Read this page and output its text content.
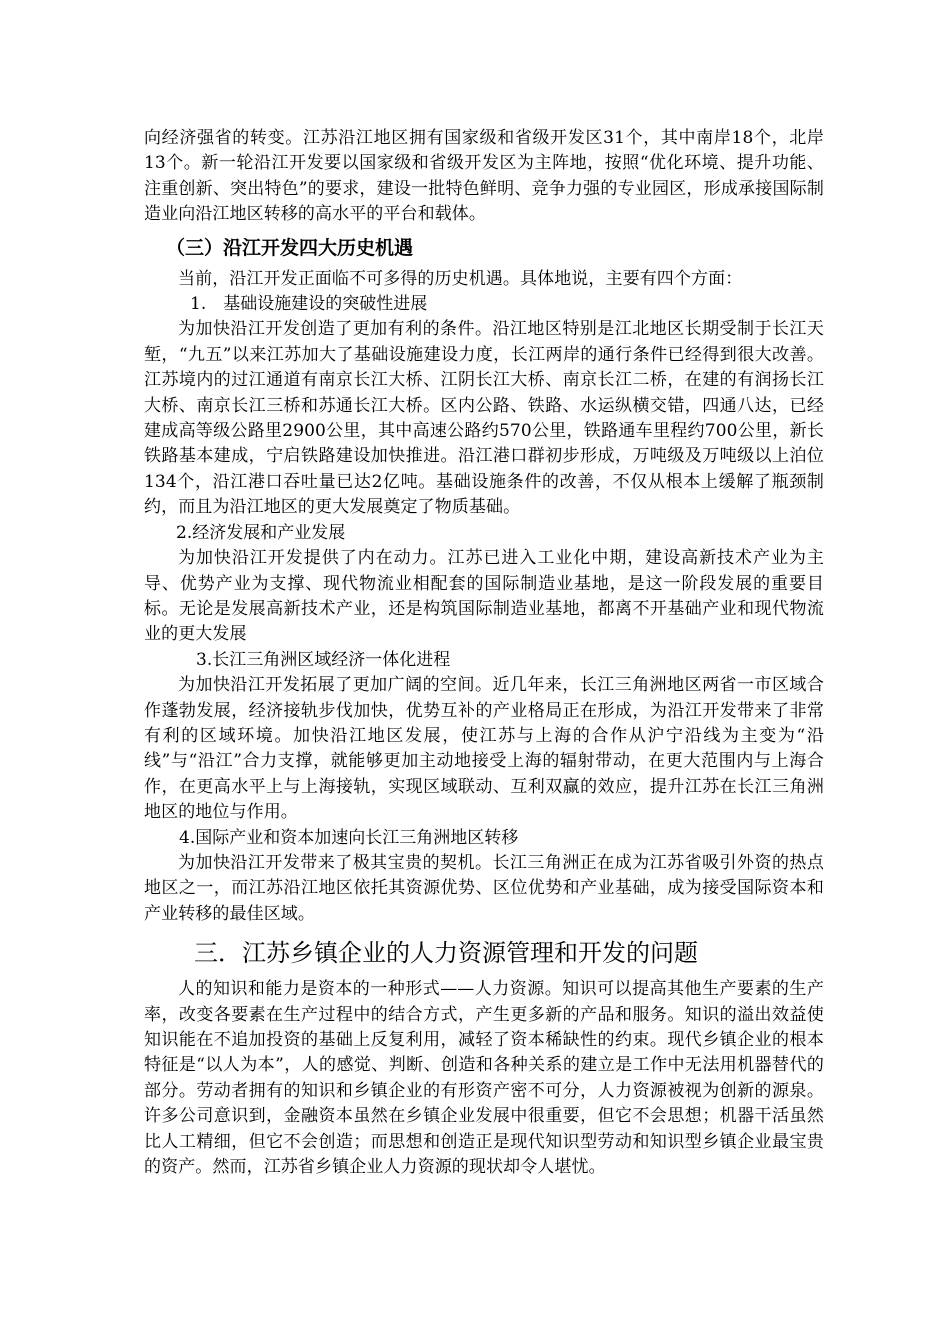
向经济强省的转变。江苏沿江地区拥有国家级和省级开发区31个，其中南岸18个，北岸13个。新一轮沿江开发要以国家级和省级开发区为主阵地，按照“优化环境、提升功能、注重创新、突出特色”的要求，建设一批特色鲜明、竞争力强的专业园区，形成承接国际制造业向沿江地区转移的高水平的平台和载体。

（三）沿江开发四大历史机遇

当前，沿江开发正面临不可多得的历史机遇。具体地说，主要有四个方面：

1.　基础设施建设的突破性进展

为加快沿江开发创造了更加有利的条件。沿江地区特别是江北地区长期受制于长江天堑，“九五”以来江苏加大了基础设施建设力度，长江两岸的通行条件已经得到很大改善。江苏境内的过江通道有南京长江大桥、江阴长江大桥、南京长江二桥，在建的有润扬长江大桥、南京长江三桥和苏通长江大桥。区内公路、铁路、水运纵横交错，四通八达，已经建成高等级公路里2900公里，其中高速公路约570公里，铁路通车里程约700公里，新长铁路基本建成，宁启铁路建设加快推进。沿江港口群初步形成，万吨级及万吨级以上泊位134个，沿江港口吞吐量已达2亿吨。基础设施条件的改善，不仅从根本上缓解了瓶颈制约，而且为沿江地区的更大发展奠定了物质基础。

2.经济发展和产业发展

为加快沿江开发提供了内在动力。江苏已进入工业化中期，建设高新技术产业为主导、优势产业为支撑、现代物流业相配套的国际制造业基地，是这一阶段发展的重要目标。无论是发展高新技术产业，还是构筑国际制造业基地，都离不开基础产业和现代物流业的更大发展

3.长江三角洲区域经济一体化进程

为加快沿江开发拓展了更加广阔的空间。近几年来，长江三角洲地区两省一市区域合作蓬勃发展，经济接轨步伐加快，优势互补的产业格局正在形成，为沿江开发带来了非常有利的区域环境。加快沿江地区发展，使江苏与上海的合作从沪宁沿线为主变为“沿线”与“沿江”合力支撑，就能够更加主动地接受上海的辐射带动，在更大范围内与上海合作，在更高水平上与上海接轨，实现区域联动、互利双赢的效应，提升江苏在长江三角洲地区的地位与作用。

4.国际产业和资本加速向长江三角洲地区转移

为加快沿江开发带来了极其宝贵的契机。长江三角洲正在成为江苏省吸引外资的热点地区之一，而江苏沿江地区依托其资源优势、区位优势和产业基础，成为接受国际资本和产业转移的最佳区域。

三．江苏乡镇企业的人力资源管理和开发的问题

人的知识和能力是资本的一种形式——人力资源。知识可以提高其他生产要素的生产率，改变各要素在生产过程中的结合方式，产生更多新的产品和服务。知识的溢出效益使知识能在不追加投资的基础上反复利用，减轻了资本稀缺性的约束。现代乡镇企业的根本特征是“以人为本”，人的感觉、判断、创造和各种关系的建立是工作中无法用机器替代的部分。劳动者拥有的知识和乡镇企业的有形资产密不可分，人力资源被视为创新的源泉。许多公司意识到，金融资本虽然在乡镇企业发展中很重要，但它不会思想；机器干活虽然比人工精细，但它不会创造；而思想和创造正是现代知识型劳动和知识型乡镇企业最宝贵的资产。然而，江苏省乡镇企业人力资源的现状却令人堪忧。
